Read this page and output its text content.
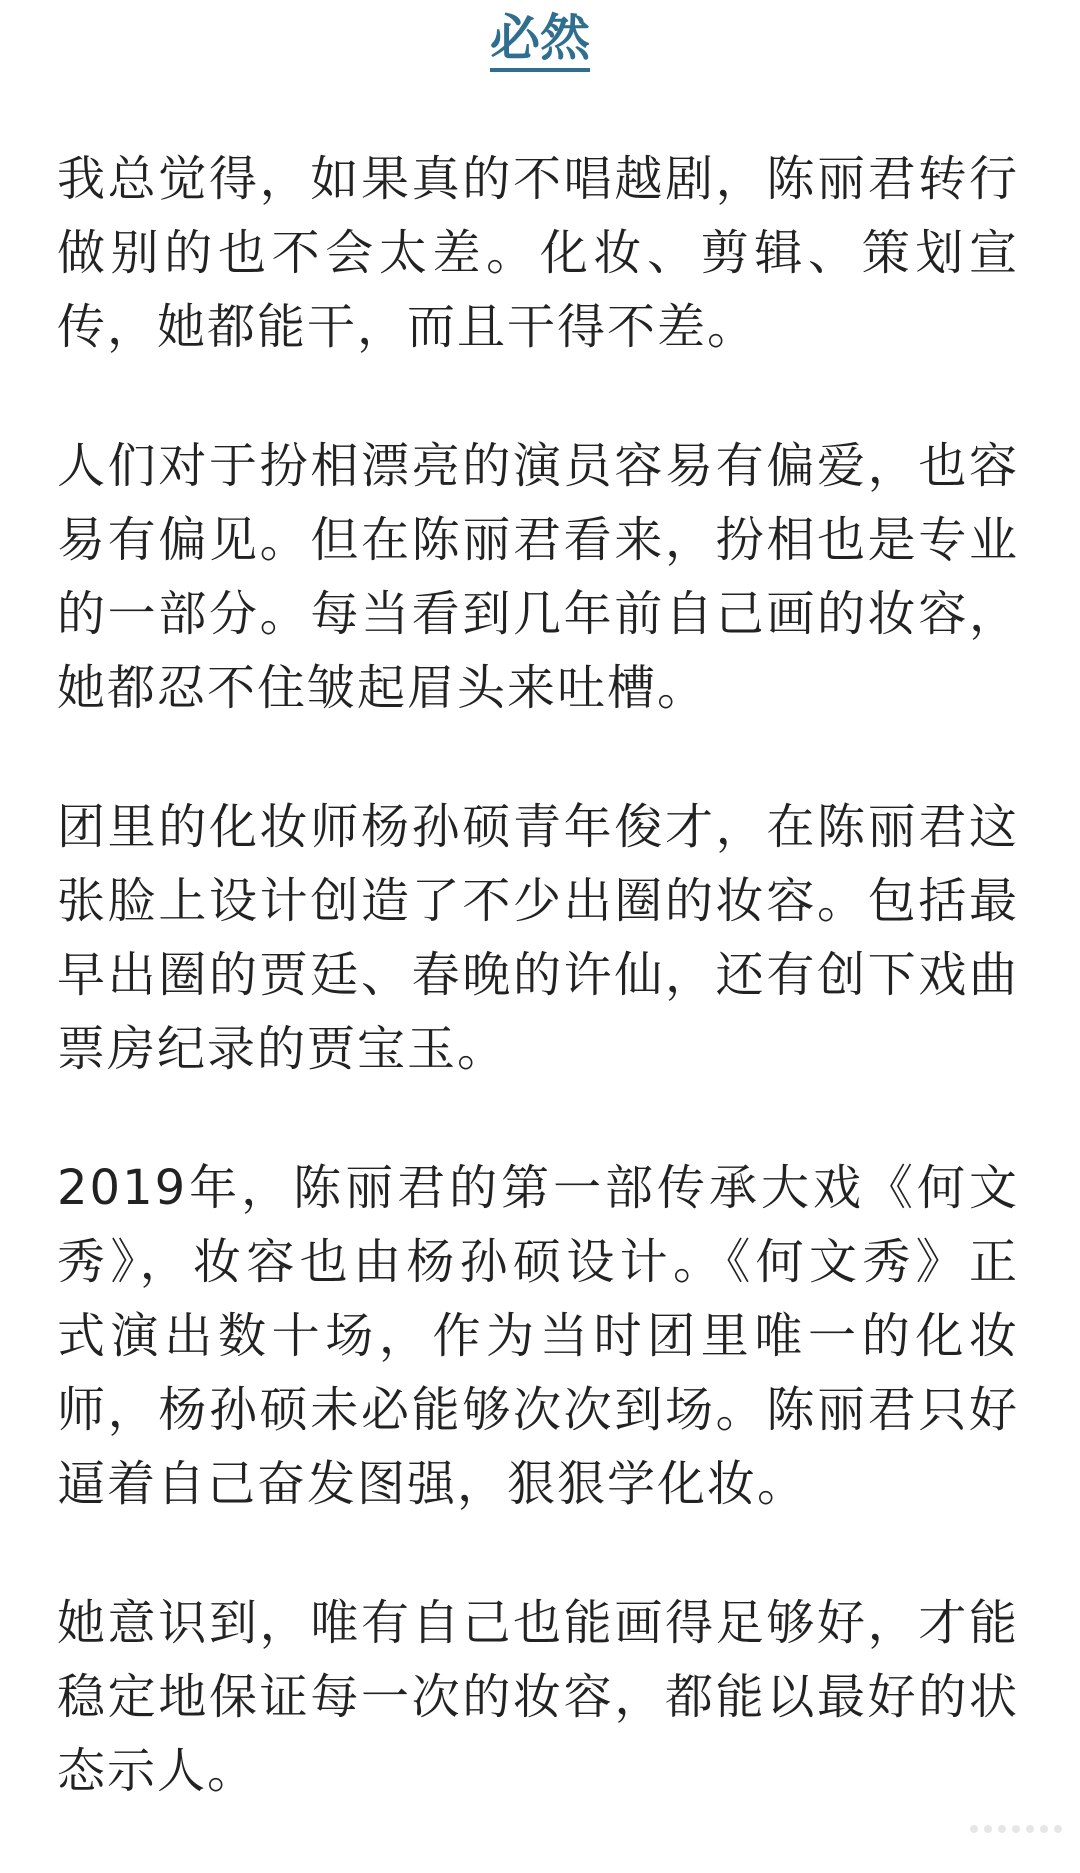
必然
我总觉得，如果真的不唱越剧，陈丽君转行
做别的也不会太差。化妆、剪辑、策划宣
传，她都能干，而且干得不差。
人们对于扮相漂亮的演员容易有偏爱，也容
易有偏见。但在陈丽君看来，扮相也是专业
的一部分。每当看到几年前自己画的妆容，
她都忍不住皱起眉头来吐槽。
团里的化妆师杨孙硕青年俊才，在陈丽君这
张脸上设计创造了不少出圈的妆容。包括最
早出圈的贾廷、春晚的许仙，还有创下戏曲
票房纪录的贾宝玉。
2019年，陈丽君的第一部传承大戏《何文
秀》，妆容也由杨孙硕设计。《何文秀》正
式演出数十场，作为当时团里唯一的化妆
师，杨孙硕未必能够次次到场。陈丽君只好
逼着自己奋发图强，狠狠学化妆。
她意识到，唯有自己也能画得足够好，才能
稳定地保证每一次的妆容，都能以最好的状
态示人。
